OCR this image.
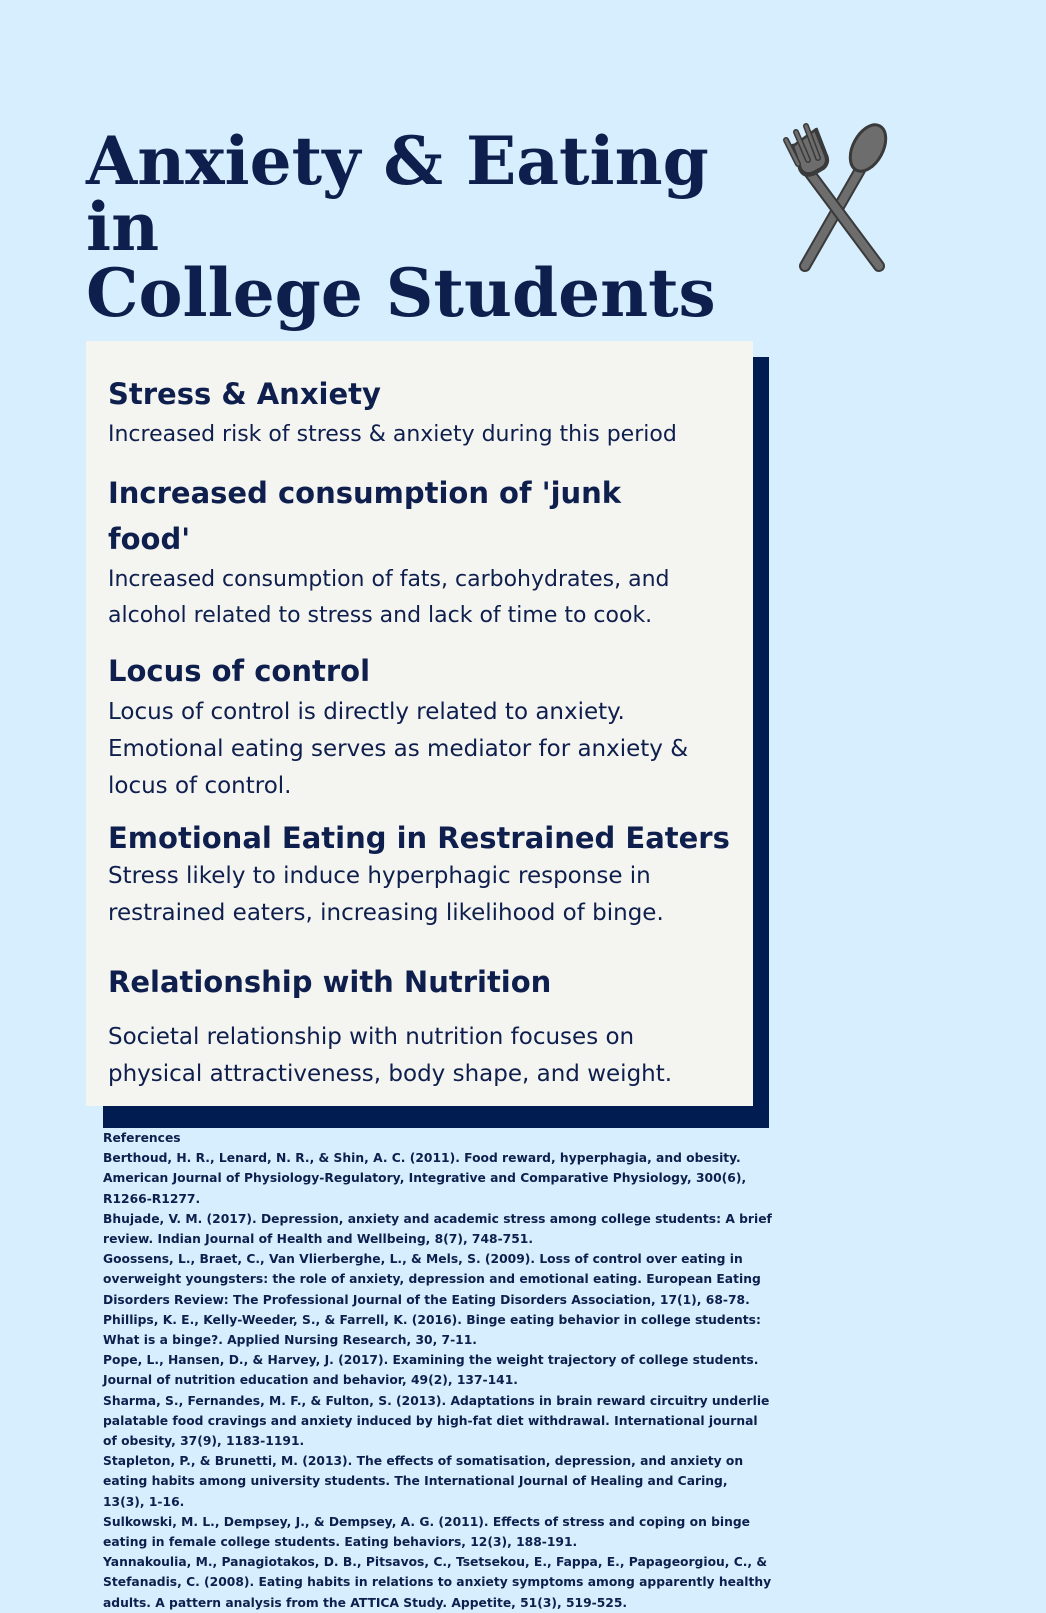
Anxiety & Eating in
College Students
Stress & Anxiety

Increased risk of stress & anxiety during this period

Increased consumption of 'junk food'

Increased consumption of fats, carbohydrates, and alcohol related to stress and lack of time to cook.

Locus of control

Locus of control is directly related to anxiety. Emotional eating serves as mediator for anxiety & locus of control.

Emotional Eating in Restrained Eaters

Stress likely to induce hyperphagic response in restrained eaters, increasing likelihood of binge.

Relationship with Nutrition

Societal relationship with nutrition focuses on physical attractiveness, body shape, and weight.

References
Berthoud, H. R., Lenard, N. R., & Shin, A. C. (2011). Food reward, hyperphagia, and obesity. American Journal of Physiology-Regulatory, Integrative and Comparative Physiology, 300(6), R1266-R1277.
Bhujade, V. M. (2017). Depression, anxiety and academic stress among college students: A brief review. Indian Journal of Health and Wellbeing, 8(7), 748-751.
Goossens, L., Braet, C., Van Vlierberghe, L., & Mels, S. (2009). Loss of control over eating in overweight youngsters: the role of anxiety, depression and emotional eating. European Eating Disorders Review: The Professional Journal of the Eating Disorders Association, 17(1), 68-78.
Phillips, K. E., Kelly-Weeder, S., & Farrell, K. (2016). Binge eating behavior in college students: What is a binge?. Applied Nursing Research, 30, 7-11.
Pope, L., Hansen, D., & Harvey, J. (2017). Examining the weight trajectory of college students. Journal of nutrition education and behavior, 49(2), 137-141.
Sharma, S., Fernandes, M. F., & Fulton, S. (2013). Adaptations in brain reward circuitry underlie palatable food cravings and anxiety induced by high-fat diet withdrawal. International journal of obesity, 37(9), 1183-1191.
Stapleton, P., & Brunetti, M. (2013). The effects of somatisation, depression, and anxiety on eating habits among university students. The International Journal of Healing and Caring, 13(3), 1-16.
Sulkowski, M. L., Dempsey, J., & Dempsey, A. G. (2011). Effects of stress and coping on binge eating in female college students. Eating behaviors, 12(3), 188-191.
Yannakoulia, M., Panagiotakos, D. B., Pitsavos, C., Tsetsekou, E., Fappa, E., Papageorgiou, C., & Stefanadis, C. (2008). Eating habits in relations to anxiety symptoms among apparently healthy adults. A pattern analysis from the ATTICA Study. Appetite, 51(3), 519-525.
